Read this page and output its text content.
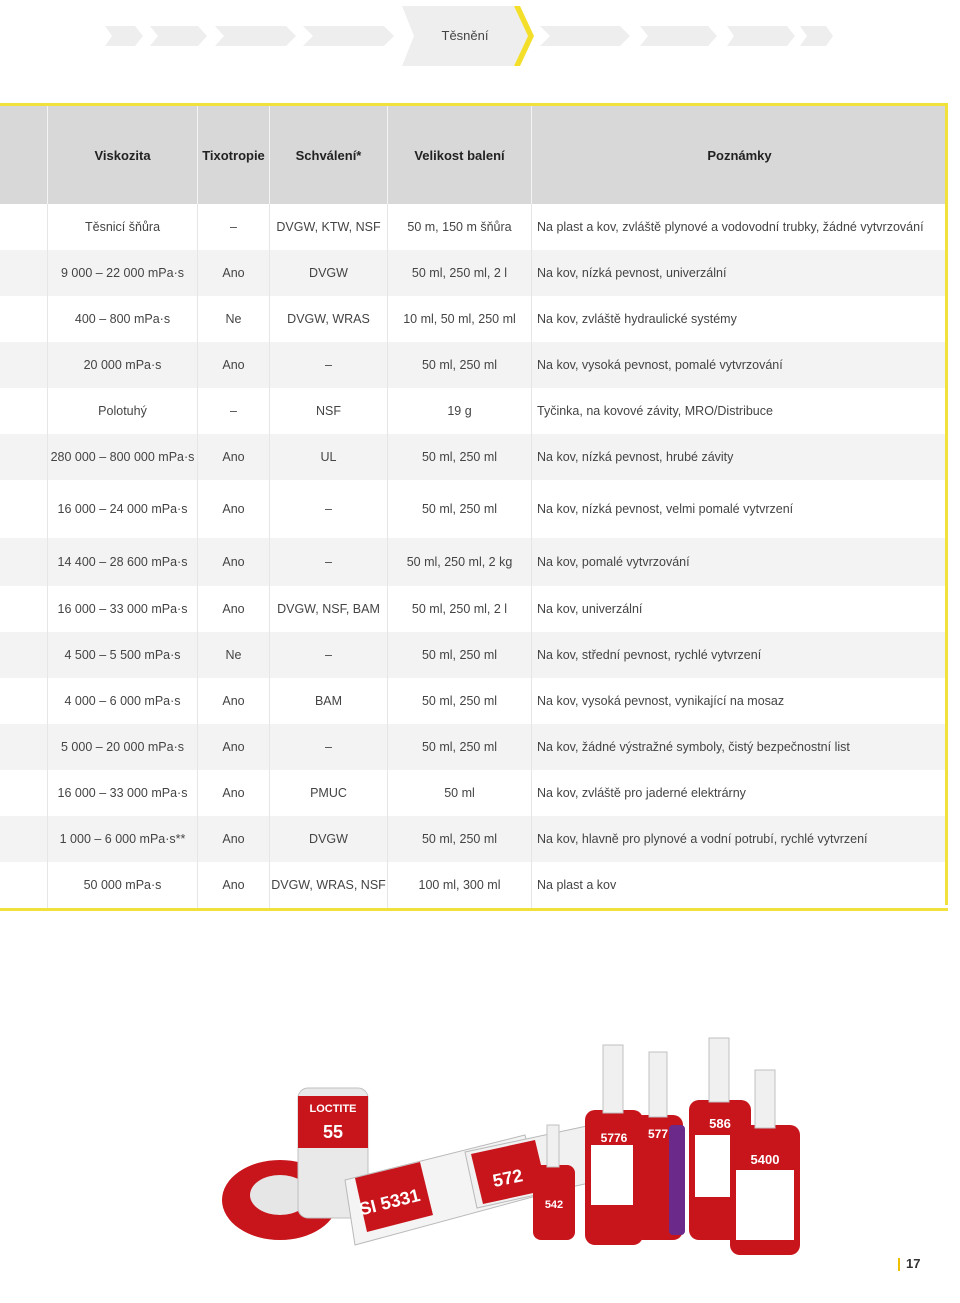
Těsnění
Viskozita	Tixotropie	Schválení*	Velikost balení	Poznámky
Těsnicí šňůra	–	DVGW, KTW, NSF	50 m, 150 m šňůra	Na plast a kov, zvláště plynové a vodovodní trubky, žádné vytvrzování
9 000 – 22 000 mPa·s	Ano	DVGW	50 ml, 250 ml, 2 l	Na kov, nízká pevnost, univerzální
400 – 800 mPa·s	Ne	DVGW, WRAS	10 ml, 50 ml, 250 ml	Na kov, zvláště hydraulické systémy
20 000 mPa·s	Ano	–	50 ml, 250 ml	Na kov, vysoká pevnost, pomalé vytvrzování
Polotuhý	–	NSF	19 g	Tyčinka, na kovové závity, MRO/Distribuce
280 000 – 800 000 mPa·s	Ano	UL	50 ml, 250 ml	Na kov, nízká pevnost, hrubé závity
16 000 – 24 000 mPa·s	Ano	–	50 ml, 250 ml	Na kov, nízká pevnost, velmi pomalé vytvrzení
14 400 – 28 600 mPa·s	Ano	–	50 ml, 250 ml, 2 kg	Na kov, pomalé vytvrzování
16 000 – 33 000 mPa·s	Ano	DVGW, NSF, BAM	50 ml, 250 ml, 2 l	Na kov, univerzální
4 500 – 5 500 mPa·s	Ne	–	50 ml, 250 ml	Na kov, střední pevnost, rychlé vytvrzení
4 000 – 6 000 mPa·s	Ano	BAM	50 ml, 250 ml	Na kov, vysoká pevnost, vynikající na mosaz
5 000 – 20 000 mPa·s	Ano	–	50 ml, 250 ml	Na kov, žádné výstražné symboly, čistý bezpečnostní list
16 000 – 33 000 mPa·s	Ano	PMUC	50 ml	Na kov, zvláště pro jaderné elektrárny
1 000 – 6 000 mPa·s**	Ano	DVGW	50 ml, 250 ml	Na kov, hlavně pro plynové a vodní potrubí, rychlé vytvrzení
50 000 mPa·s	Ano	DVGW, WRAS, NSF	100 ml, 300 ml	Na plast a kov
LOCTITE
55
SI 5331
572
542
5776 577
586
5400
17
